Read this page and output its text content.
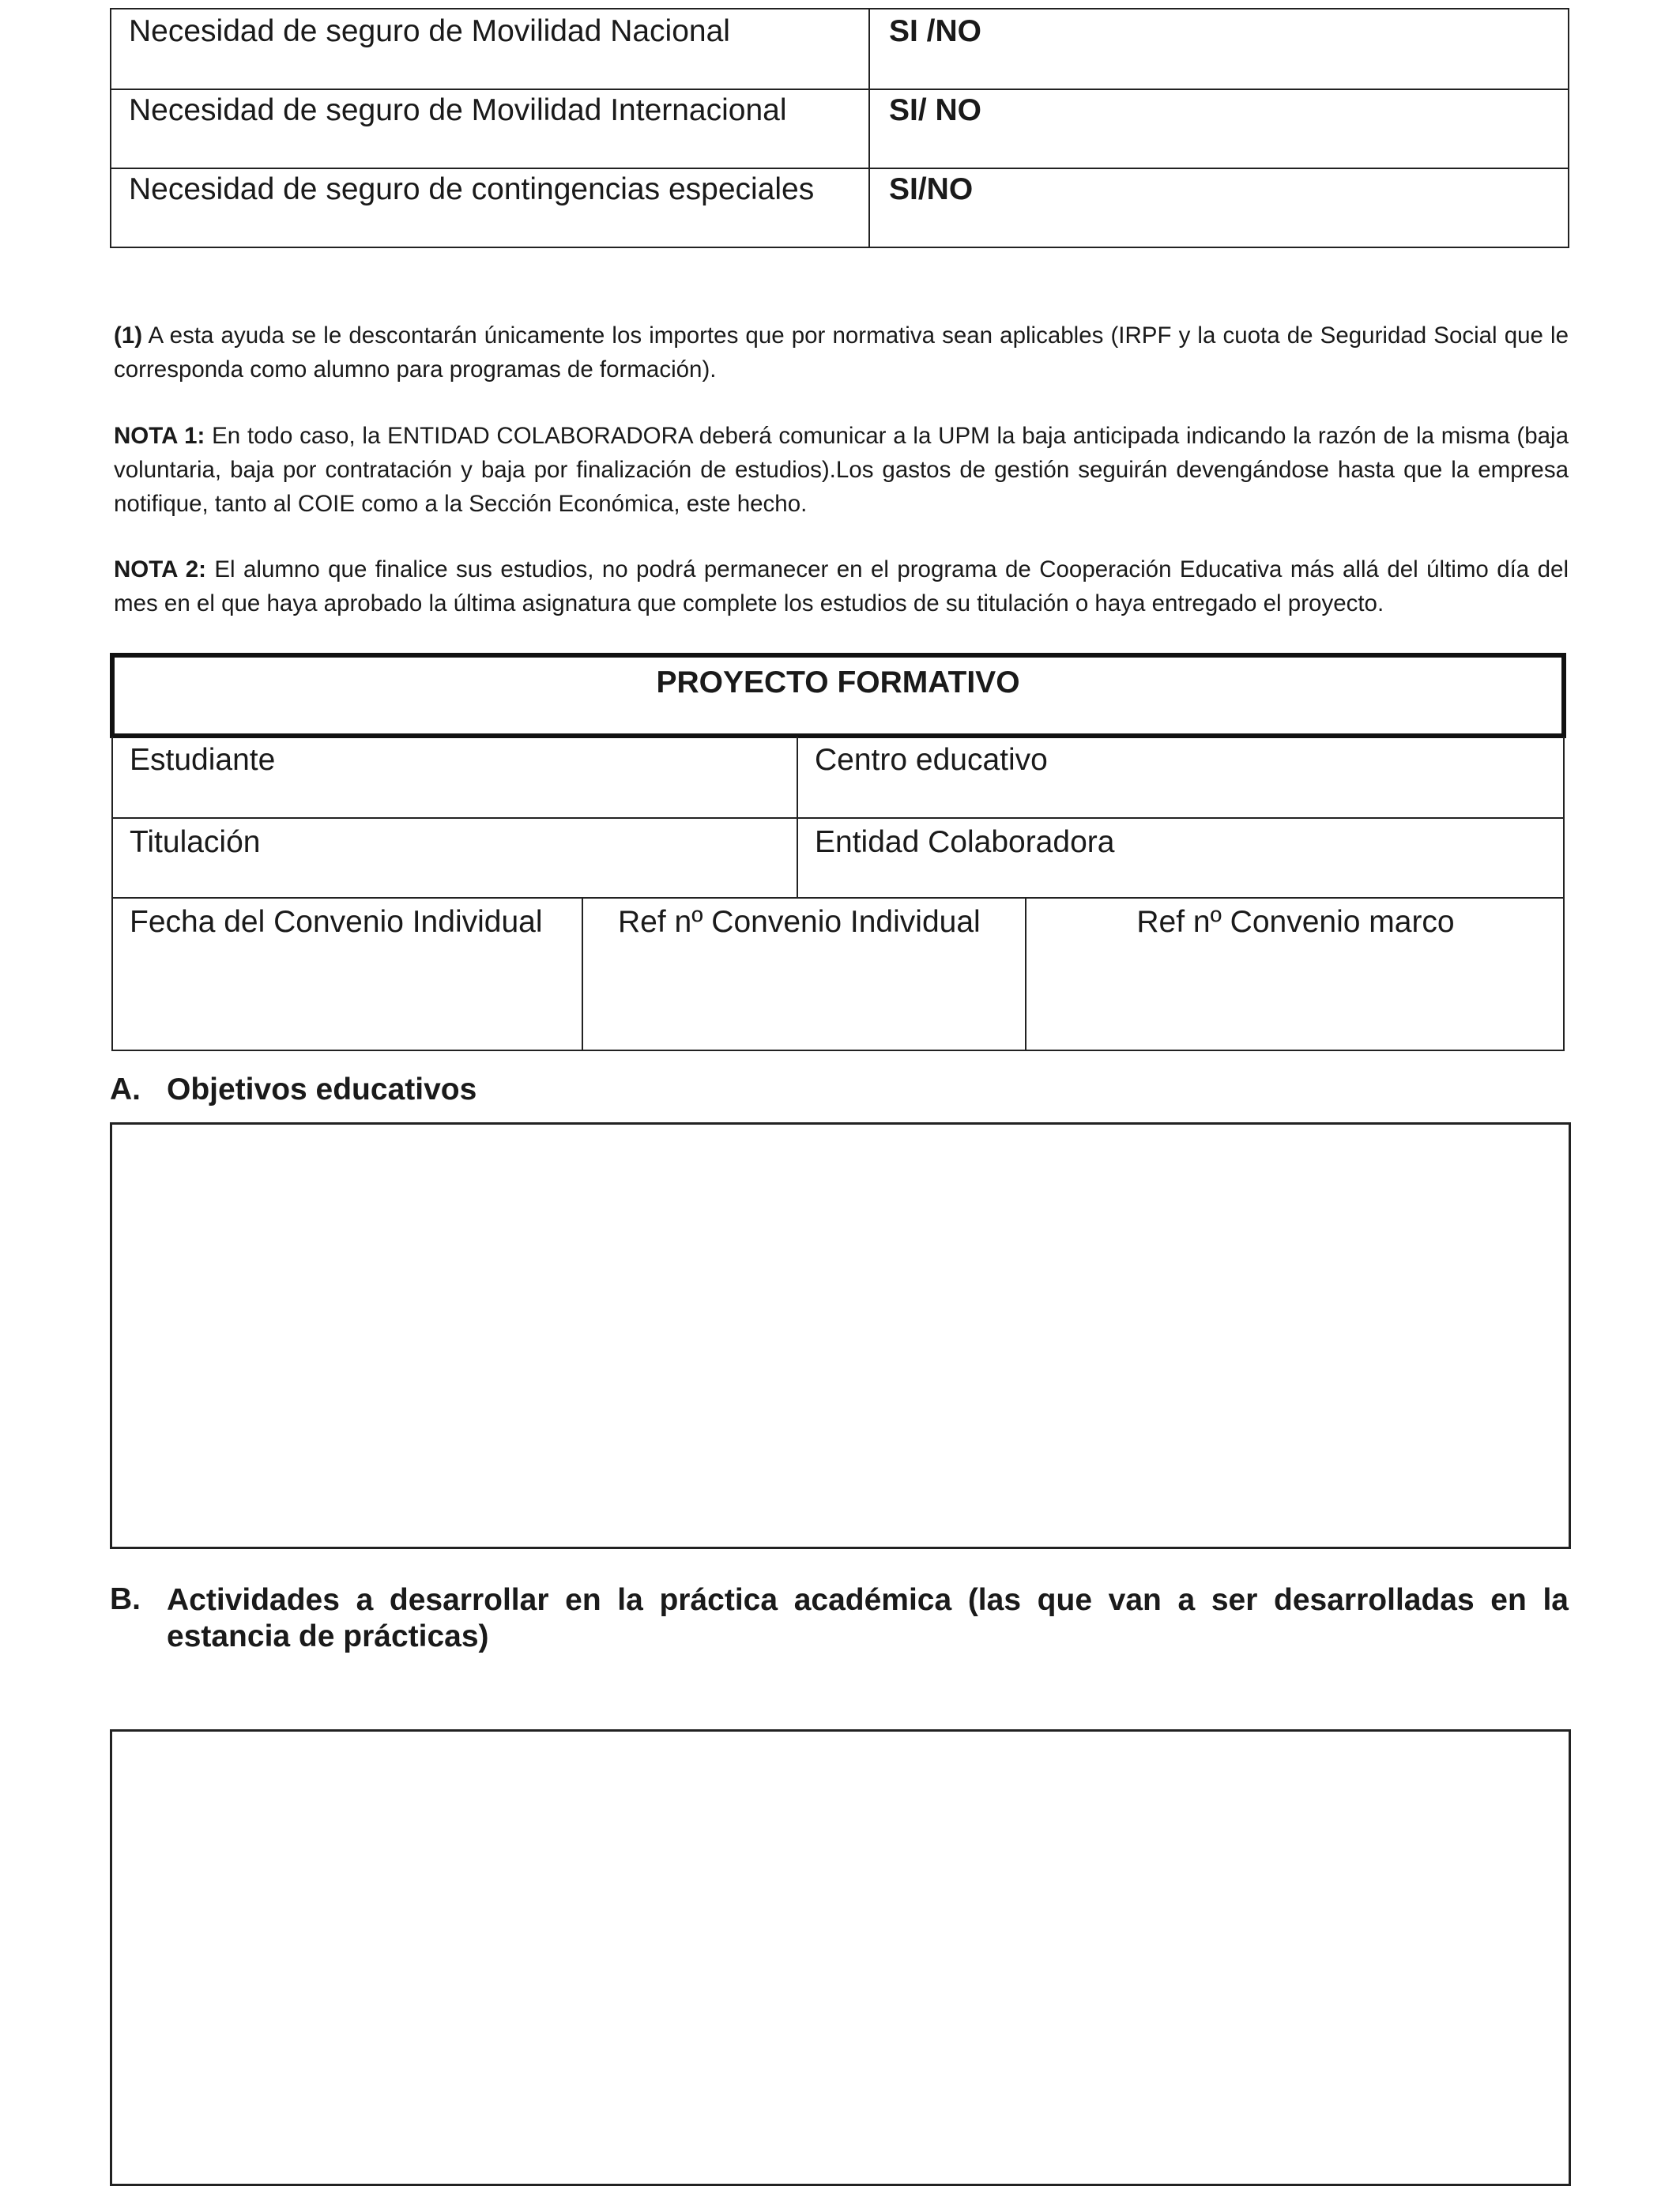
Necesidad de seguro de Movilidad Nacional	SI /NO
Necesidad de seguro de Movilidad Internacional	SI/ NO
Necesidad de seguro de contingencias especiales	SI/NO
(1) A esta ayuda se le descontarán únicamente los importes que por normativa sean aplicables (IRPF y la cuota de Seguridad Social que le corresponda como alumno para programas de formación).
NOTA 1: En todo caso, la ENTIDAD COLABORADORA deberá comunicar a la UPM la baja anticipada indicando la razón de la misma (baja voluntaria, baja por contratación y baja por finalización de estudios).Los gastos de gestión seguirán devengándose hasta que la empresa notifique, tanto al COIE como a la Sección Económica, este hecho.
NOTA 2: El alumno que finalice sus estudios, no podrá permanecer en el programa de Cooperación Educativa más allá del último día del mes en el que haya aprobado la última asignatura que complete los estudios de su titulación o haya entregado el proyecto.
PROYECTO FORMATIVO
Estudiante	Centro educativo
Titulación	Entidad Colaboradora
Fecha del Convenio Individual	Ref nº Convenio Individual	Ref nº Convenio marco
A. Objetivos educativos
B. Actividades a desarrollar en la práctica académica (las que van a ser desarrolladas en la estancia de prácticas)
